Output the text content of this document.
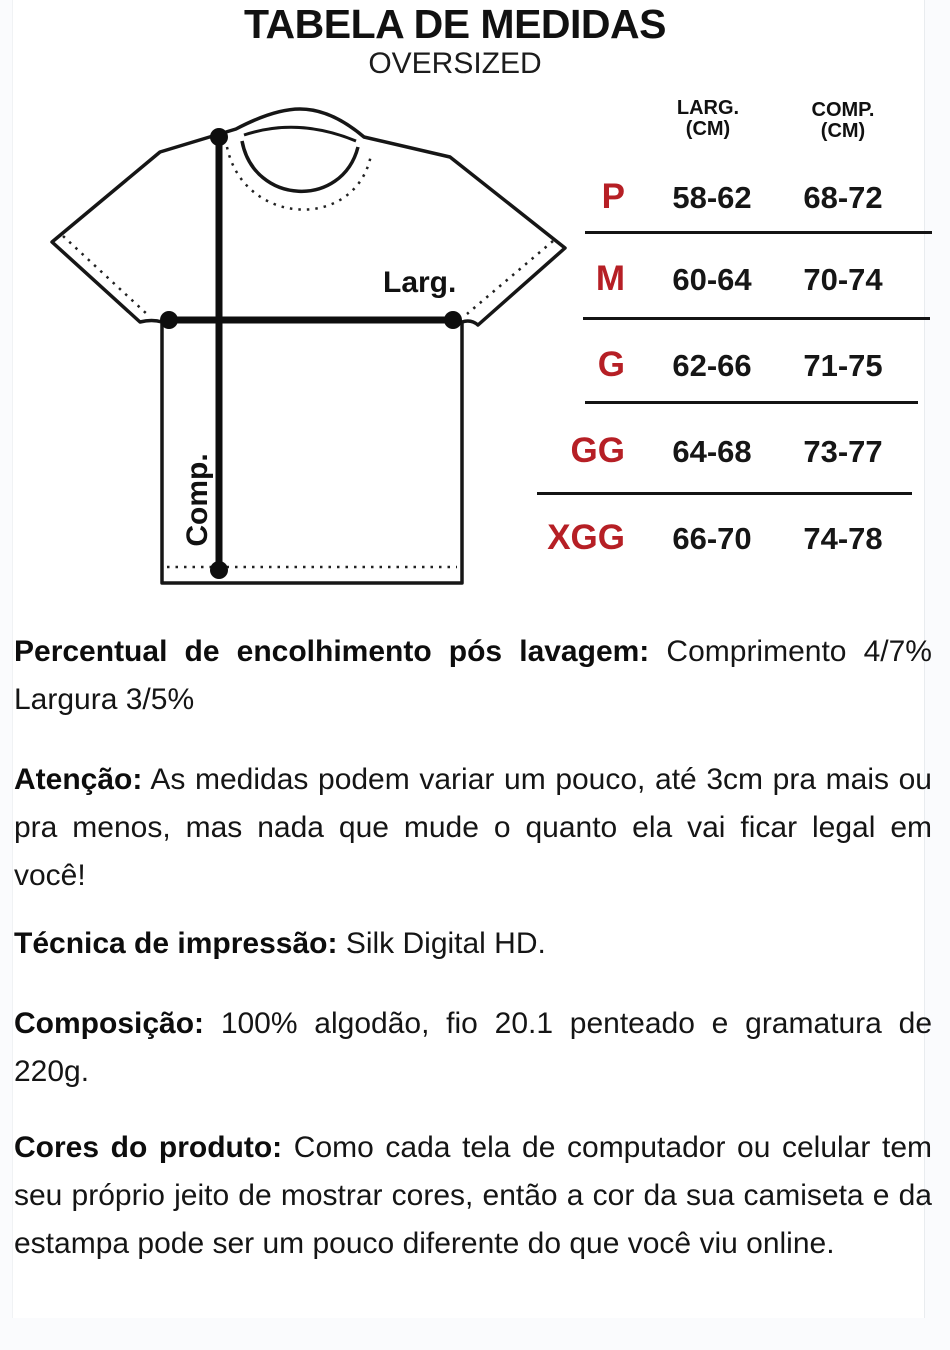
TABELA DE MEDIDAS
OVERSIZED
Larg.
Comp.
LARG.
(CM)
COMP.
(CM)
P	58-62	68-72
M	60-64	70-74
G	62-66	71-75
GG	64-68	73-77
XGG	66-70	74-78

Percentual de encolhimento pós lavagem: Comprimento 4/7% Largura 3/5%

Atenção: As medidas podem variar um pouco, até 3cm pra mais ou pra menos, mas nada que mude o quanto ela vai ficar legal em você!

Técnica de impressão: Silk Digital HD.

Composição: 100% algodão, fio 20.1 penteado e gramatura de 220g.

Cores do produto: Como cada tela de computador ou celular tem seu próprio jeito de mostrar cores, então a cor da sua camiseta e da estampa pode ser um pouco diferente do que você viu online.
